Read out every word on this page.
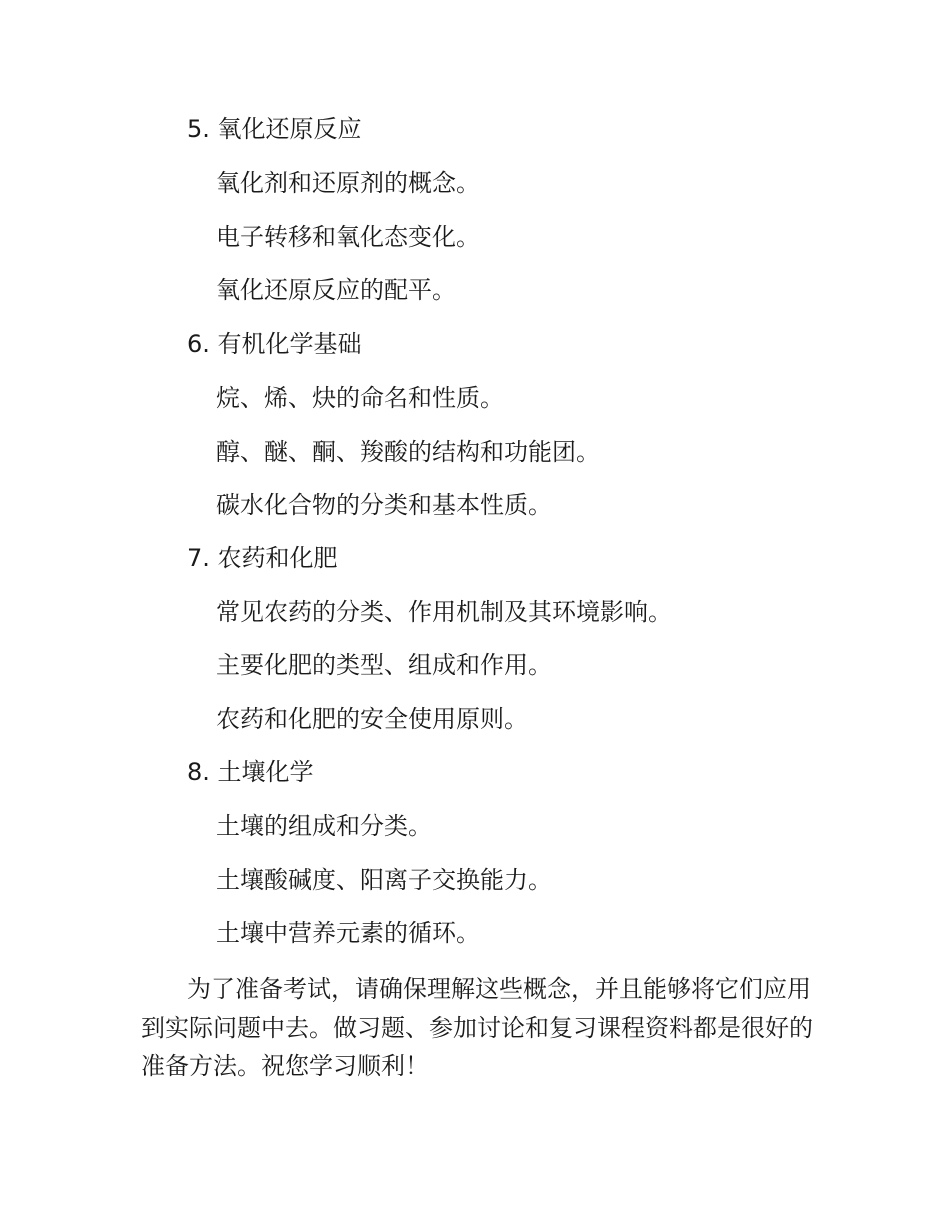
5. 氧化还原反应
氧化剂和还原剂的概念。
电子转移和氧化态变化。
氧化还原反应的配平。
6. 有机化学基础
烷、烯、炔的命名和性质。
醇、醚、酮、羧酸的结构和功能团。
碳水化合物的分类和基本性质。
7. 农药和化肥
常见农药的分类、作用机制及其环境影响。
主要化肥的类型、组成和作用。
农药和化肥的安全使用原则。
8. 土壤化学
土壤的组成和分类。
土壤酸碱度、阳离子交换能力。
土壤中营养元素的循环。

为了准备考试，请确保理解这些概念，并且能够将它们应用到实际问题中去。做习题、参加讨论和复习课程资料都是很好的准备方法。祝您学习顺利！
